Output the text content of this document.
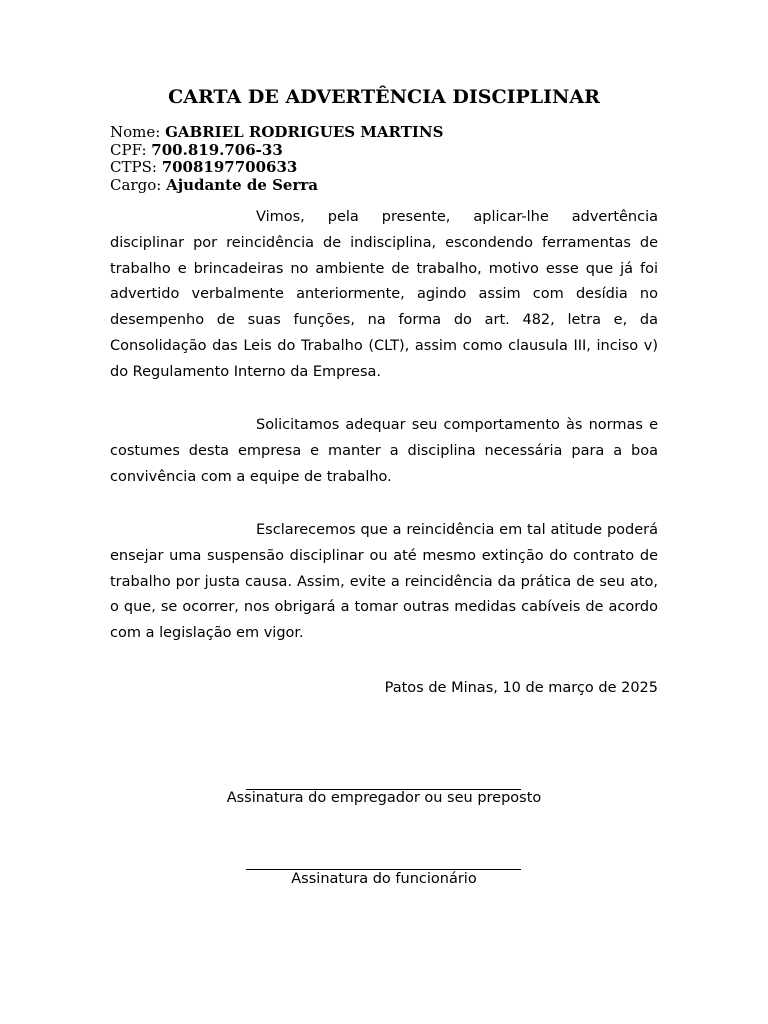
CARTA DE ADVERTÊNCIA DISCIPLINAR
Nome: GABRIEL RODRIGUES MARTINS
CPF: 700.819.706-33
CTPS: 7008197700633
Cargo: Ajudante de Serra

Vimos, pela presente, aplicar-lhe advertência disciplinar por reincidência de indisciplina, escondendo ferramentas de trabalho e brincadeiras no ambiente de trabalho, motivo esse que já foi advertido verbalmente anteriormente, agindo assim com desídia no desempenho de suas funções, na forma do art. 482, letra e, da Consolidação das Leis do Trabalho (CLT), assim como clausula III, inciso v) do Regulamento Interno da Empresa.

Solicitamos adequar seu comportamento às normas e costumes desta empresa e manter a disciplina necessária para a boa convivência com a equipe de trabalho.

Esclarecemos que a reincidência em tal atitude poderá ensejar uma suspensão disciplinar ou até mesmo extinção do contrato de trabalho por justa causa. Assim, evite a reincidência da prática de seu ato, o que, se ocorrer, nos obrigará a tomar outras medidas cabíveis de acordo com a legislação em vigor.

Patos de Minas, 10 de março de 2025
Assinatura do empregador ou seu preposto
Assinatura do funcionário
